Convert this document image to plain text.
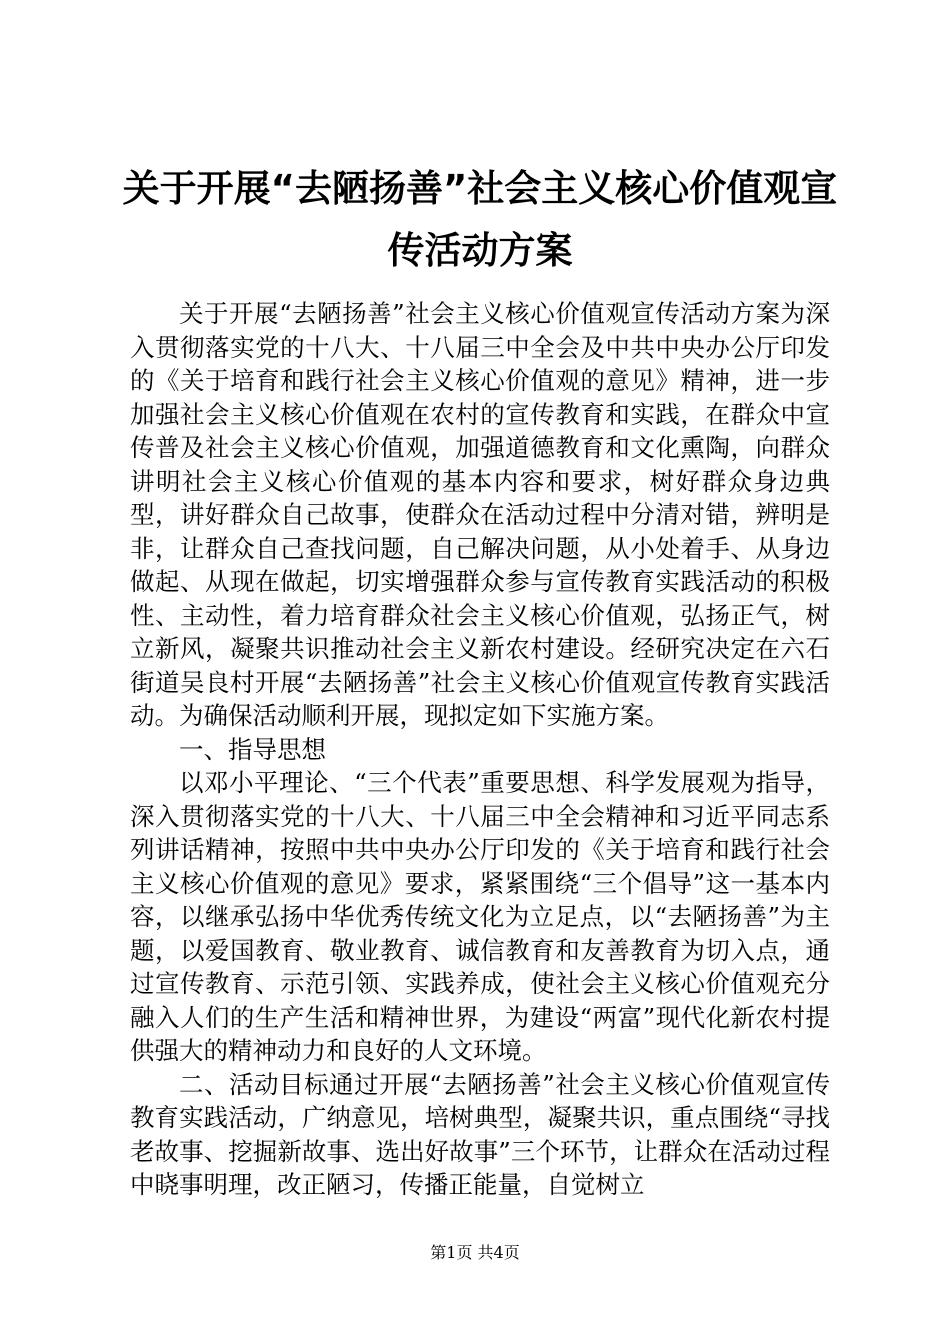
关于开展“去陋扬善”社会主义核心价值观宣传活动方案

关于开展“去陋扬善”社会主义核心价值观宣传活动方案为深入贯彻落实党的十八大、十八届三中全会及中共中央办公厅印发的《关于培育和践行社会主义核心价值观的意见》精神，进一步加强社会主义核心价值观在农村的宣传教育和实践，在群众中宣传普及社会主义核心价值观，加强道德教育和文化熏陶，向群众讲明社会主义核心价值观的基本内容和要求，树好群众身边典型，讲好群众自己故事，使群众在活动过程中分清对错，辨明是非，让群众自己查找问题，自己解决问题，从小处着手、从身边做起、从现在做起，切实增强群众参与宣传教育实践活动的积极性、主动性，着力培育群众社会主义核心价值观，弘扬正气，树立新风，凝聚共识推动社会主义新农村建设。经研究决定在六石街道吴良村开展“去陋扬善”社会主义核心价值观宣传教育实践活动。为确保活动顺利开展，现拟定如下实施方案。

一、指导思想

以邓小平理论、“三个代表”重要思想、科学发展观为指导，深入贯彻落实党的十八大、十八届三中全会精神和习近平同志系列讲话精神，按照中共中央办公厅印发的《关于培育和践行社会主义核心价值观的意见》要求，紧紧围绕“三个倡导”这一基本内容，以继承弘扬中华优秀传统文化为立足点，以“去陋扬善”为主题，以爱国教育、敬业教育、诚信教育和友善教育为切入点，通过宣传教育、示范引领、实践养成，使社会主义核心价值观充分融入人们的生产生活和精神世界，为建设“两富”现代化新农村提供强大的精神动力和良好的人文环境。

二、活动目标通过开展“去陋扬善”社会主义核心价值观宣传教育实践活动，广纳意见，培树典型，凝聚共识，重点围绕“寻找老故事、挖掘新故事、选出好故事”三个环节，让群众在活动过程中晓事明理，改正陋习，传播正能量，自觉树立

第1页 共4页
